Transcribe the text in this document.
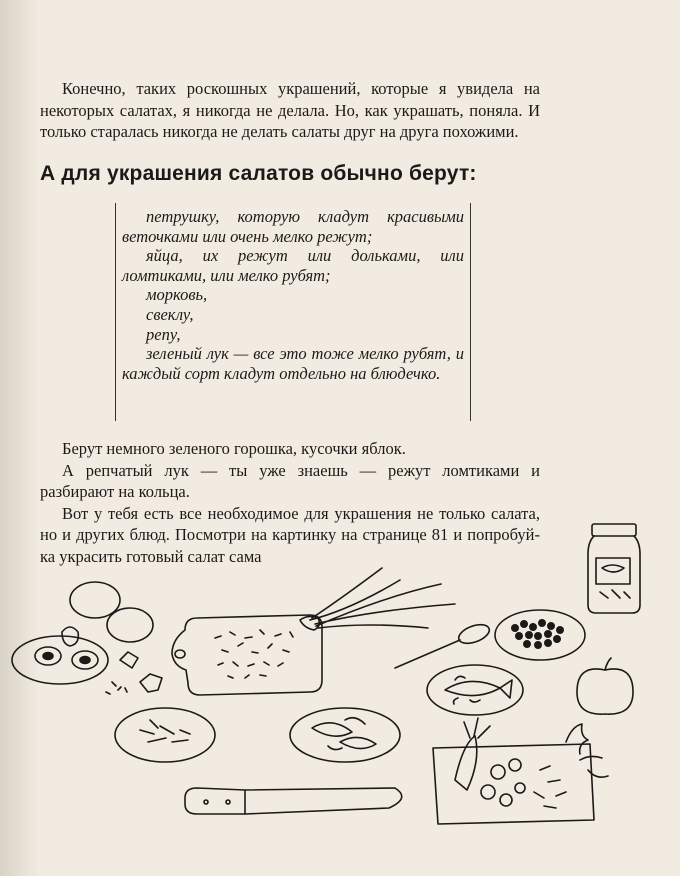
Конечно, таких роскошных украшений, которые я увидела на некоторых салатах, я никогда не делала. Но, как украшать, поняла. И только старалась никогда не делать салаты друг на друга похожими.

А для украшения салатов обычно берут:

петрушку, которую кладут красивыми веточками или очень мелко режут;

яйца, их режут или дольками, или ломтиками, или мелко рубят;

морковь,

свеклу,

репу,

зеленый лук — все это тоже мелко рубят, и каждый сорт кладут отдельно на блюдечко.

Берут немного зеленого горошка, кусочки яблок.

А репчатый лук — ты уже знаешь — режут ломтиками и разбирают на кольца.

Вот у тебя есть все необходимое для украшения не только салата, но и других блюд. Посмотри на картинку на странице 81 и попробуй-ка украсить готовый салат сама
